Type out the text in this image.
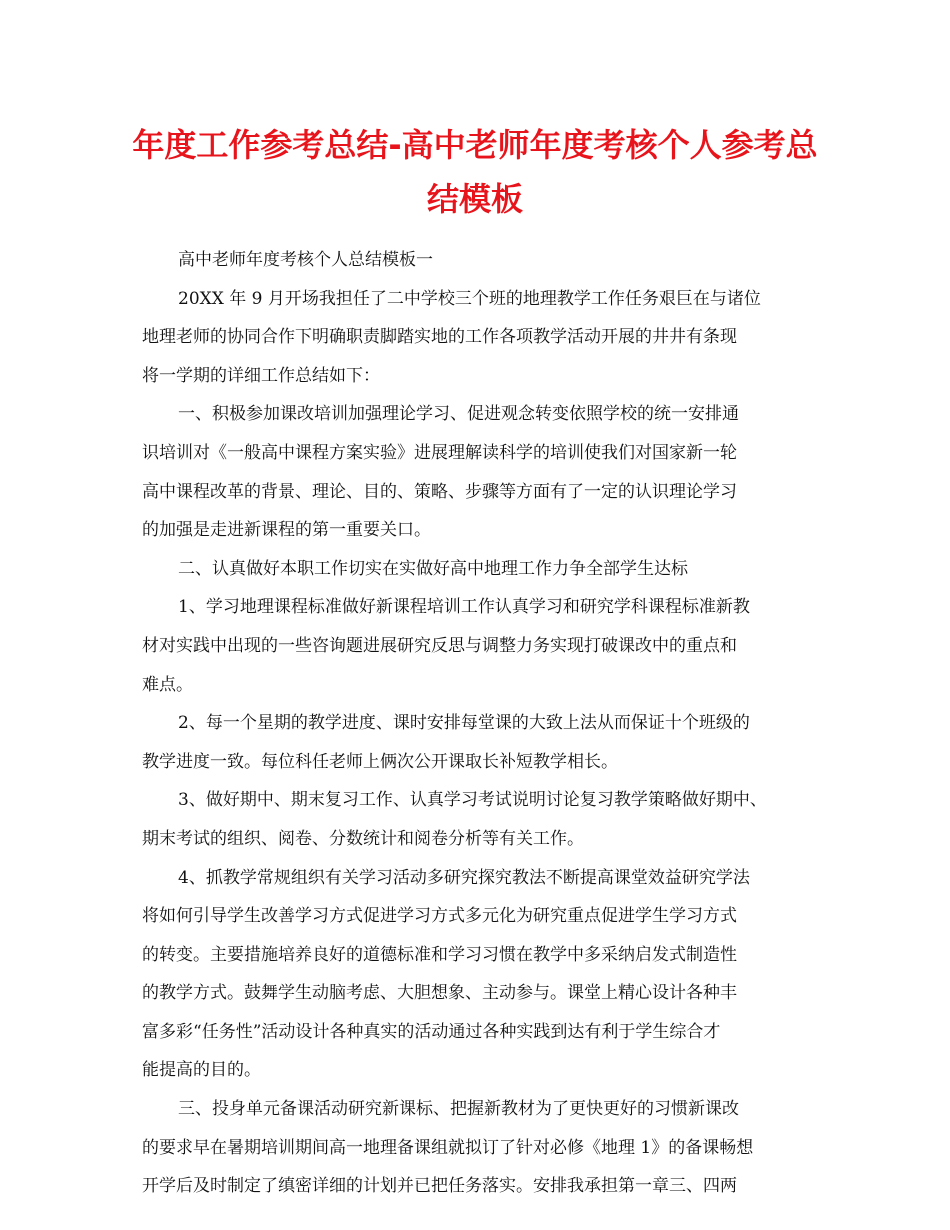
年度工作参考总结-高中老师年度考核个人参考总
结模板

高中老师年度考核个人总结模板一

20XX 年 9 月开场我担任了二中学校三个班的地理教学工作任务艰巨在与诸位

地理老师的协同合作下明确职责脚踏实地的工作各项教学活动开展的井井有条现

将一学期的详细工作总结如下：

一、积极参加课改培训加强理论学习、促进观念转变依照学校的统一安排通

识培训对《一般高中课程方案实验》进展理解读科学的培训使我们对国家新一轮

高中课程改革的背景、理论、目的、策略、步骤等方面有了一定的认识理论学习

的加强是走进新课程的第一重要关口。

二、认真做好本职工作切实在实做好高中地理工作力争全部学生达标

1、学习地理课程标准做好新课程培训工作认真学习和研究学科课程标准新教

材对实践中出现的一些咨询题进展研究反思与调整力务实现打破课改中的重点和

难点。

2、每一个星期的教学进度、课时安排每堂课的大致上法从而保证十个班级的

教学进度一致。每位科任老师上俩次公开课取长补短教学相长。

3、做好期中、期末复习工作、认真学习考试说明讨论复习教学策略做好期中、

期末考试的组织、阅卷、分数统计和阅卷分析等有关工作。

4、抓教学常规组织有关学习活动多研究探究教法不断提高课堂效益研究学法

将如何引导学生改善学习方式促进学习方式多元化为研究重点促进学生学习方式

的转变。主要措施培养良好的道德标准和学习习惯在教学中多采纳启发式制造性

的教学方式。鼓舞学生动脑考虑、大胆想象、主动参与。课堂上精心设计各种丰

富多彩“任务性”活动设计各种真实的活动通过各种实践到达有利于学生综合才

能提高的目的。

三、投身单元备课活动研究新课标、把握新教材为了更快更好的习惯新课改

的要求早在暑期培训期间高一地理备课组就拟订了针对必修《地理 1》的备课畅想

开学后及时制定了缜密详细的计划并已把任务落实。安排我承担第一章三、四两
